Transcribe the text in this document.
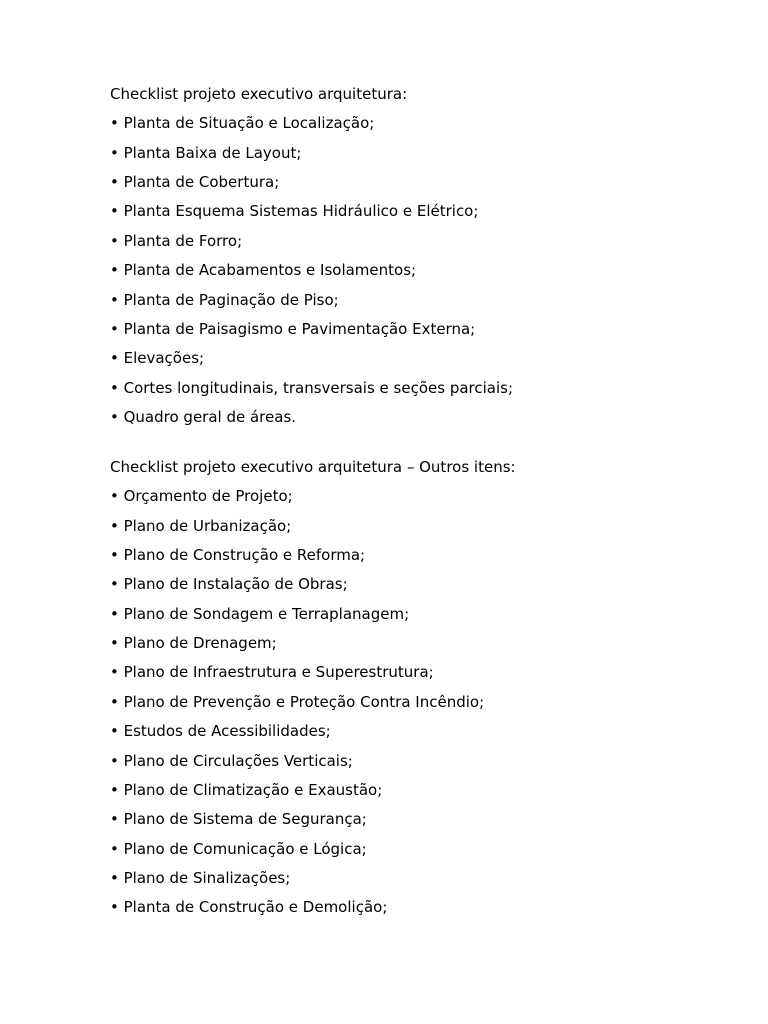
Checklist projeto executivo arquitetura:
• Planta de Situação e Localização;
• Planta Baixa de Layout;
• Planta de Cobertura;
• Planta Esquema Sistemas Hidráulico e Elétrico;
• Planta de Forro;
• Planta de Acabamentos e Isolamentos;
• Planta de Paginação de Piso;
• Planta de Paisagismo e Pavimentação Externa;
• Elevações;
• Cortes longitudinais, transversais e seções parciais;
• Quadro geral de áreas.
Checklist projeto executivo arquitetura – Outros itens:
• Orçamento de Projeto;
• Plano de Urbanização;
• Plano de Construção e Reforma;
• Plano de Instalação de Obras;
• Plano de Sondagem e Terraplanagem;
• Plano de Drenagem;
• Plano de Infraestrutura e Superestrutura;
• Plano de Prevenção e Proteção Contra Incêndio;
• Estudos de Acessibilidades;
• Plano de Circulações Verticais;
• Plano de Climatização e Exaustão;
• Plano de Sistema de Segurança;
• Plano de Comunicação e Lógica;
• Plano de Sinalizações;
• Planta de Construção e Demolição;
